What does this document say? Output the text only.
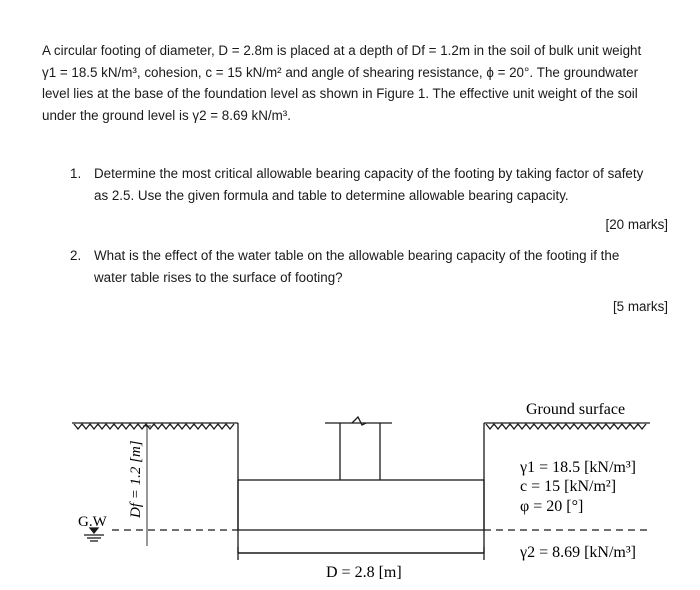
A circular footing of diameter, D = 2.8m is placed at a depth of Df = 1.2m in the soil of bulk unit weight
γ1 = 18.5 kN/m³, cohesion, c = 15 kN/m² and angle of shearing resistance, ϕ = 20°. The groundwater
level lies at the base of the foundation level as shown in Figure 1. The effective unit weight of the soil
under the ground level is γ2 = 8.69 kN/m³.
1. Determine the most critical allowable bearing capacity of the footing by taking factor of safety
as 2.5. Use the given formula and table to determine allowable bearing capacity.
[20 marks]
2. What is the effect of the water table on the allowable bearing capacity of the footing if the
water table rises to the surface of footing?
[5 marks]
G.W
Df = 1.2 [m]
Ground surface
γ1 = 18.5 [kN/m³]
c = 15 [kN/m²]
φ = 20 [°]
γ2 = 8.69 [kN/m³]
D = 2.8 [m]
